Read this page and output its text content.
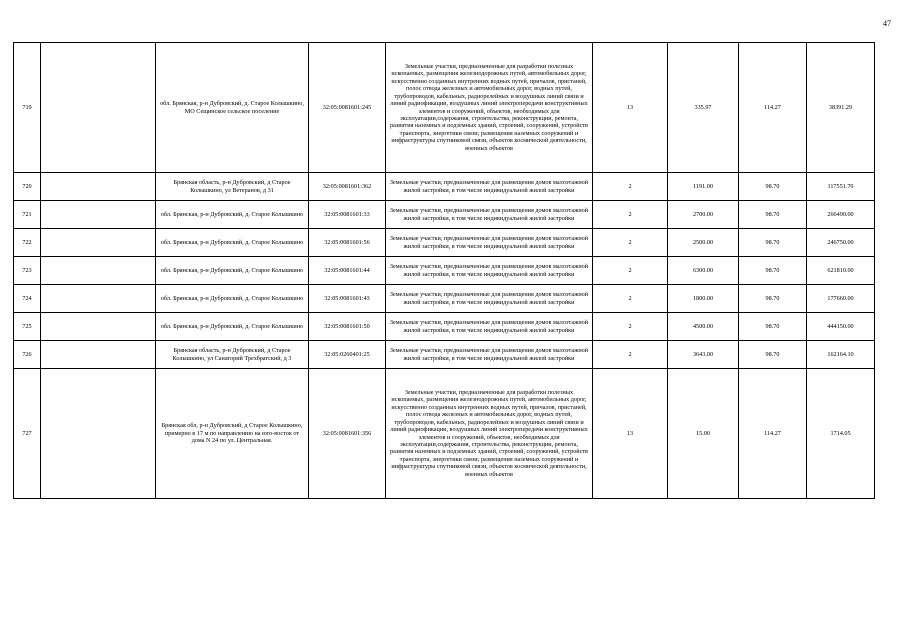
47
719		обл. Брянская, р-н Дубровский, д. Старое Колышкино, МО Сещинское сельское поселение	32:05:0081601:245	Земельные участки, предназначенные для разработки полезных ископаемых, размещения железнодорожных путей, автомобильных дорог, искусственно созданных внутренних водных путей, причалов, пристаней, полос отвода железных и автомобильных дорог, водных путей, трубопроводов, кабельных, радиорелейных и воздушных линий связи и линий радиофикации, воздушных линий электропередачи конструктивных элементов и сооружений, объектов, необходимых для эксплуатации,содержания, строительства, реконструкции, ремонта, развития наземных и подземных зданий, строений, сооружений, устройств транспорта, энергетики связи; размещения наземных сооружений и инфраструктуры спутниковой связи, объектов космической деятельности, военных объектов	13	335.97	114.27	38391.29
720		Брянская область, р-н Дубровский, д Старое Колышкино, ул Ветеранов, д 31	32:05:0081601:362	Земельные участки, предназначенные для размещения домов малоэтажной жилой застройки, в том числе индивидуальной жилой застройки	2	1191.00	98.70	117551.70
721		обл. Брянская, р-н Дубровский, д. Старое Колышкино	32:05:0081601:33	Земельные участки, предназначенные для размещения домов малоэтажной жилой застройки, в том числе индивидуальной жилой застройки	2	2700.00	98.70	266490.00
722		обл. Брянская, р-н Дубровский, д. Старое Колышкино	32:05:0081601:56	Земельные участки, предназначенные для размещения домов малоэтажной жилой застройки, в том числе индивидуальной жилой застройки	2	2500.00	98.70	246750.00
723		обл. Брянская, р-н Дубровский, д. Старое Колышкино	32:05:0081601:44	Земельные участки, предназначенные для размещения домов малоэтажной жилой застройки, в том числе индивидуальной жилой застройки	2	6300.00	98.70	621810.00
724		обл. Брянская, р-н Дубровский, д. Старое Колышкино	32:05:0081601:43	Земельные участки, предназначенные для размещения домов малоэтажной жилой застройки, в том числе индивидуальной жилой застройки	2	1800.00	98.70	177660.00
725		обл. Брянская, р-н Дубровский, д. Старое Колышкино	32:05:0081601:50	Земельные участки, предназначенные для размещения домов малоэтажной жилой застройки, в том числе индивидуальной жилой застройки	2	4500.00	98.70	444150.00
726		Брянская область, р-н Дубровский, д Старое Колышкино, ул Санаторий Трехбратский, д 3	32:05:0260401:25	Земельные участки, предназначенные для размещения домов малоэтажной жилой застройки, в том числе индивидуальной жилой застройки	2	3643.00	98.70	162164.10
727		Брянская обл, р-н Дубровский, д Старое Колышкино, примерно в 17 м по направлению на юго-восток от дома N 24 по ул. Центральная.	32:05:0081601:356	Земельные участки, предназначенные для разработки полезных ископаемых, размещения железнодорожных путей, автомобильных дорог, искусственно созданных внутренних водных путей, причалов, пристаней, полос отвода железных и автомобильных дорог, водных путей, трубопроводов, кабельных, радиорелейных и воздушных линий связи и линий радиофикации, воздушных линий электропередачи конструктивных элементов и сооружений, объектов, необходимых для эксплуатации,содержания, строительства, реконструкции, ремонта, развития наземных и подземных зданий, строений, сооружений, устройств транспорта, энергетики связи; размещения наземных сооружений и инфраструктуры спутниковой связи, объектов космической деятельности, военных объектов	13	15.00	114.27	1714.05
